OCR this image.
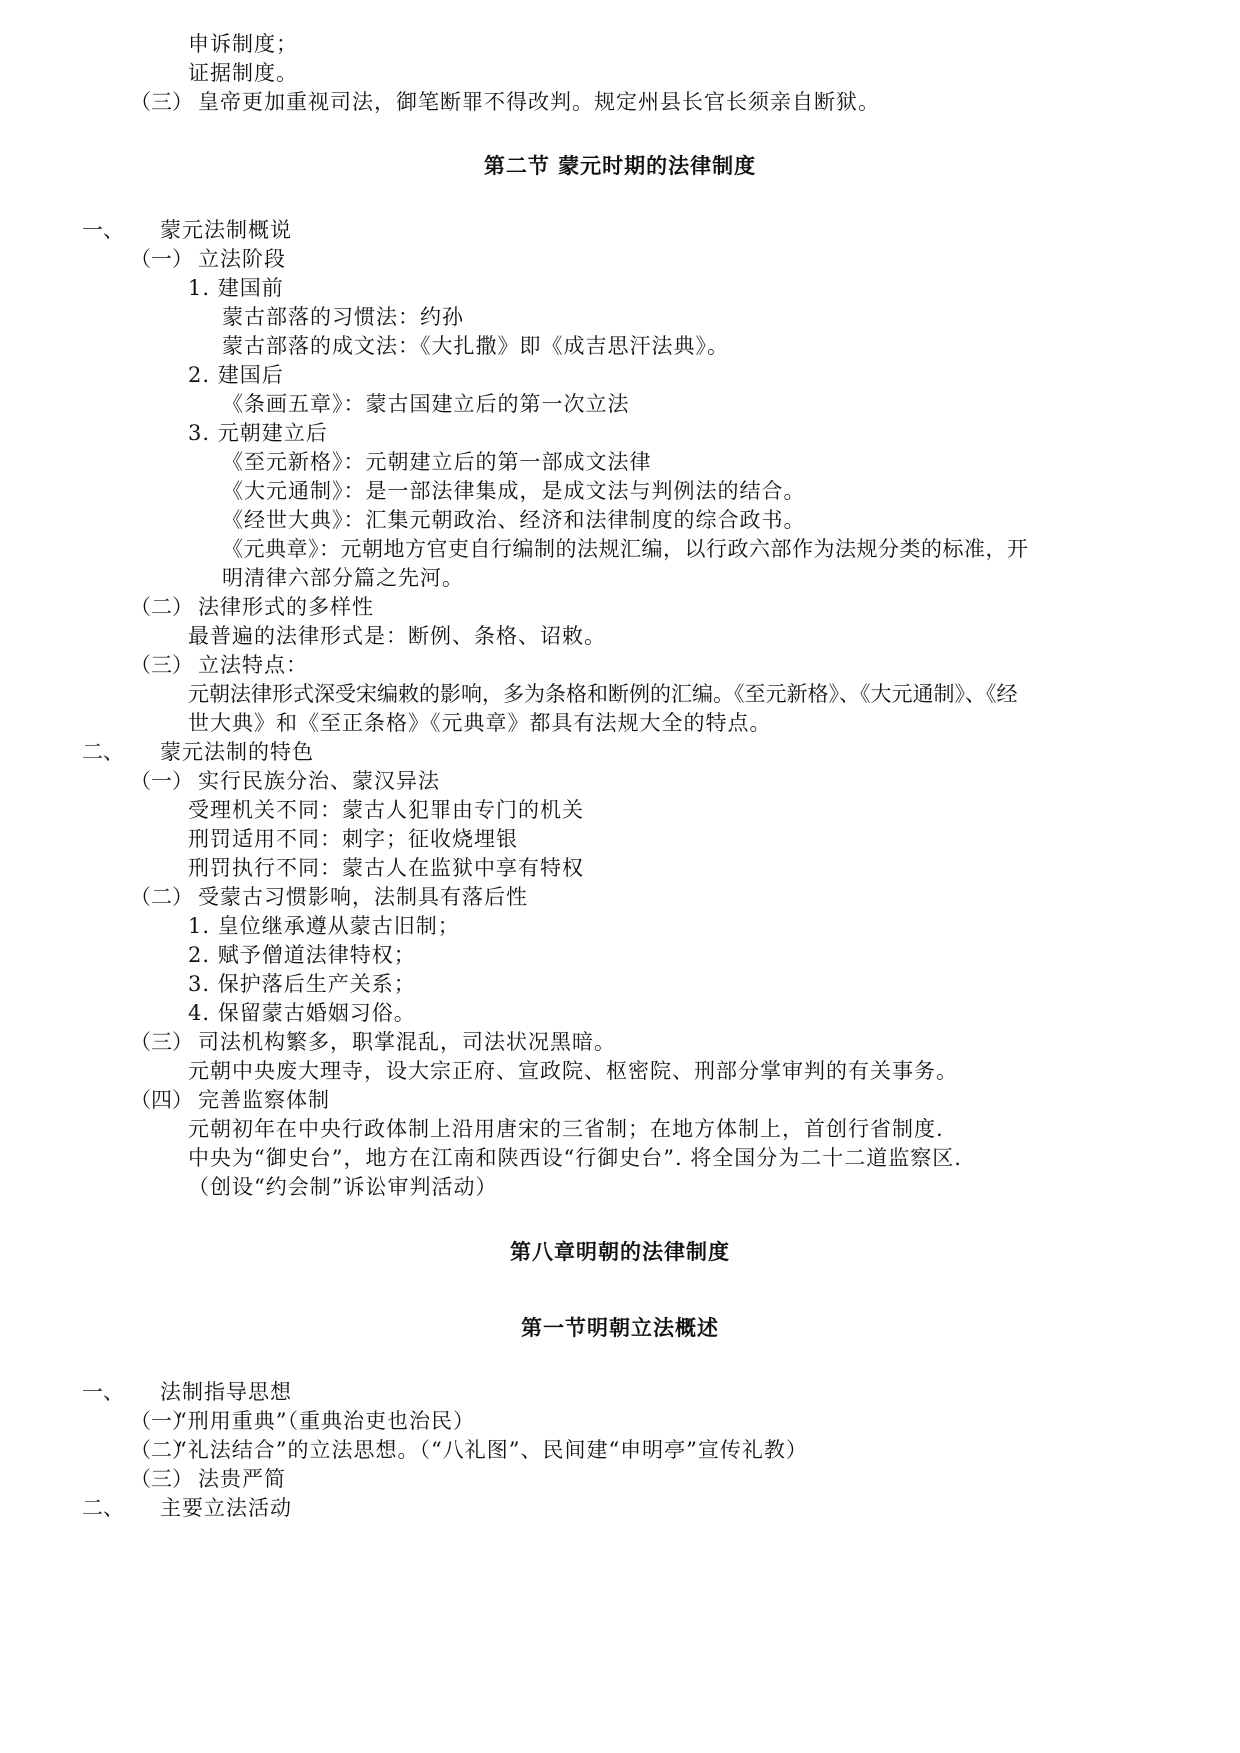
申诉制度；
证据制度。
（三） 皇帝更加重视司法，御笔断罪不得改判。规定州县长官长须亲自断狱。
第二节 蒙元时期的法律制度
一、 蒙元法制概说
（一） 立法阶段
1. 建国前
蒙古部落的习惯法：约孙
蒙古部落的成文法：《大扎撒》即《成吉思汗法典》。
2. 建国后
《条画五章》：蒙古国建立后的第一次立法
3. 元朝建立后
《至元新格》：元朝建立后的第一部成文法律
《大元通制》：是一部法律集成，是成文法与判例法的结合。
《经世大典》：汇集元朝政治、经济和法律制度的综合政书。
《元典章》：元朝地方官吏自行编制的法规汇编，以行政六部作为法规分类的标准，开
明清律六部分篇之先河。
（二） 法律形式的多样性
最普遍的法律形式是：断例、条格、诏敕。
（三） 立法特点：
元朝法律形式深受宋编敕的影响，多为条格和断例的汇编。《至元新格》、《大元通制》、《经
世大典》和《至正条格》《元典章》都具有法规大全的特点。
二、 蒙元法制的特色
（一） 实行民族分治、蒙汉异法
受理机关不同：蒙古人犯罪由专门的机关
刑罚适用不同：刺字；征收烧埋银
刑罚执行不同：蒙古人在监狱中享有特权
（二） 受蒙古习惯影响，法制具有落后性
1. 皇位继承遵从蒙古旧制；
2. 赋予僧道法律特权；
3. 保护落后生产关系；
4. 保留蒙古婚姻习俗。
（三） 司法机构繁多，职掌混乱，司法状况黑暗。
元朝中央废大理寺，设大宗正府、宣政院、枢密院、刑部分掌审判的有关事务。
（四） 完善监察体制
元朝初年在中央行政体制上沿用唐宋的三省制；在地方体制上，首创行省制度.
中央为“御史台”，地方在江南和陕西设“行御史台”. 将全国分为二十二道监察区.
（创设“约会制”诉讼审判活动）
第八章明朝的法律制度
第一节明朝立法概述
一、 法制指导思想
（一）
“刑用重典”（重典治吏也治民）
（二）
“礼法结合”的立法思想。（“八礼图”、民间建“申明亭”宣传礼教）
（三） 法贵严简
二、 主要立法活动
